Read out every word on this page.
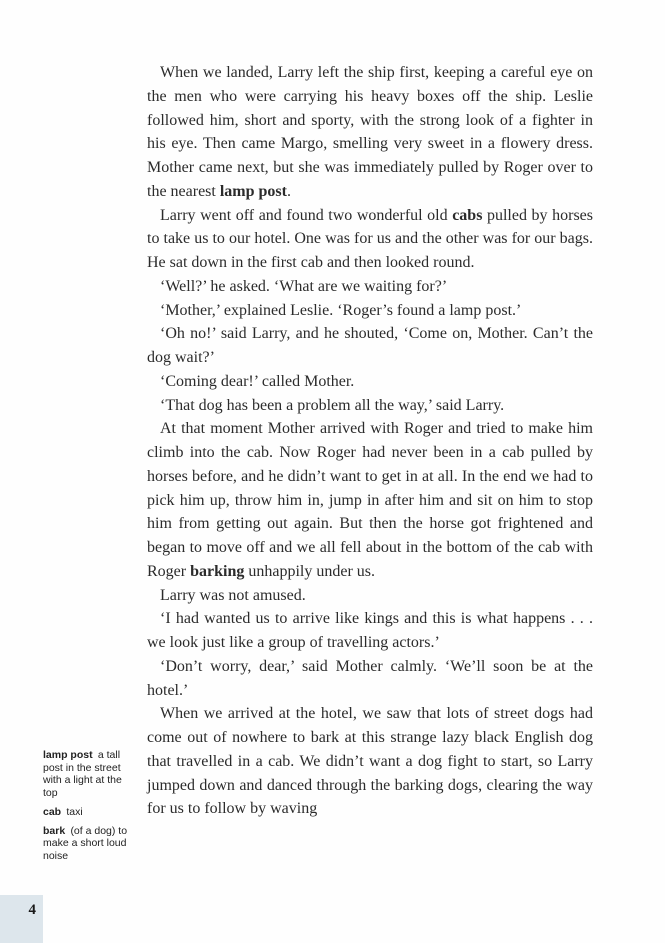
When we landed, Larry left the ship first, keeping a careful eye on the men who were carrying his heavy boxes off the ship. Leslie followed him, short and sporty, with the strong look of a fighter in his eye. Then came Margo, smelling very sweet in a flowery dress. Mother came next, but she was immediately pulled by Roger over to the nearest lamp post.

Larry went off and found two wonderful old cabs pulled by horses to take us to our hotel. One was for us and the other was for our bags. He sat down in the first cab and then looked round.

‘Well?’ he asked. ‘What are we waiting for?’

‘Mother,’ explained Leslie. ‘Roger’s found a lamp post.’

‘Oh no!’ said Larry, and he shouted, ‘Come on, Mother. Can’t the dog wait?’

‘Coming dear!’ called Mother.

‘That dog has been a problem all the way,’ said Larry.

At that moment Mother arrived with Roger and tried to make him climb into the cab. Now Roger had never been in a cab pulled by horses before, and he didn’t want to get in at all. In the end we had to pick him up, throw him in, jump in after him and sit on him to stop him from getting out again. But then the horse got frightened and began to move off and we all fell about in the bottom of the cab with Roger barking unhappily under us.

Larry was not amused.

‘I had wanted us to arrive like kings and this is what happens . . . we look just like a group of travelling actors.’

‘Don’t worry, dear,’ said Mother calmly. ‘We’ll soon be at the hotel.’

When we arrived at the hotel, we saw that lots of street dogs had come out of nowhere to bark at this strange lazy black English dog that travelled in a cab. We didn’t want a dog fight to start, so Larry jumped down and danced through the barking dogs, clearing the way for us to follow by waving

lamp post a tall post in the street with a light at the top

cab taxi

bark (of a dog) to make a short loud noise

4
